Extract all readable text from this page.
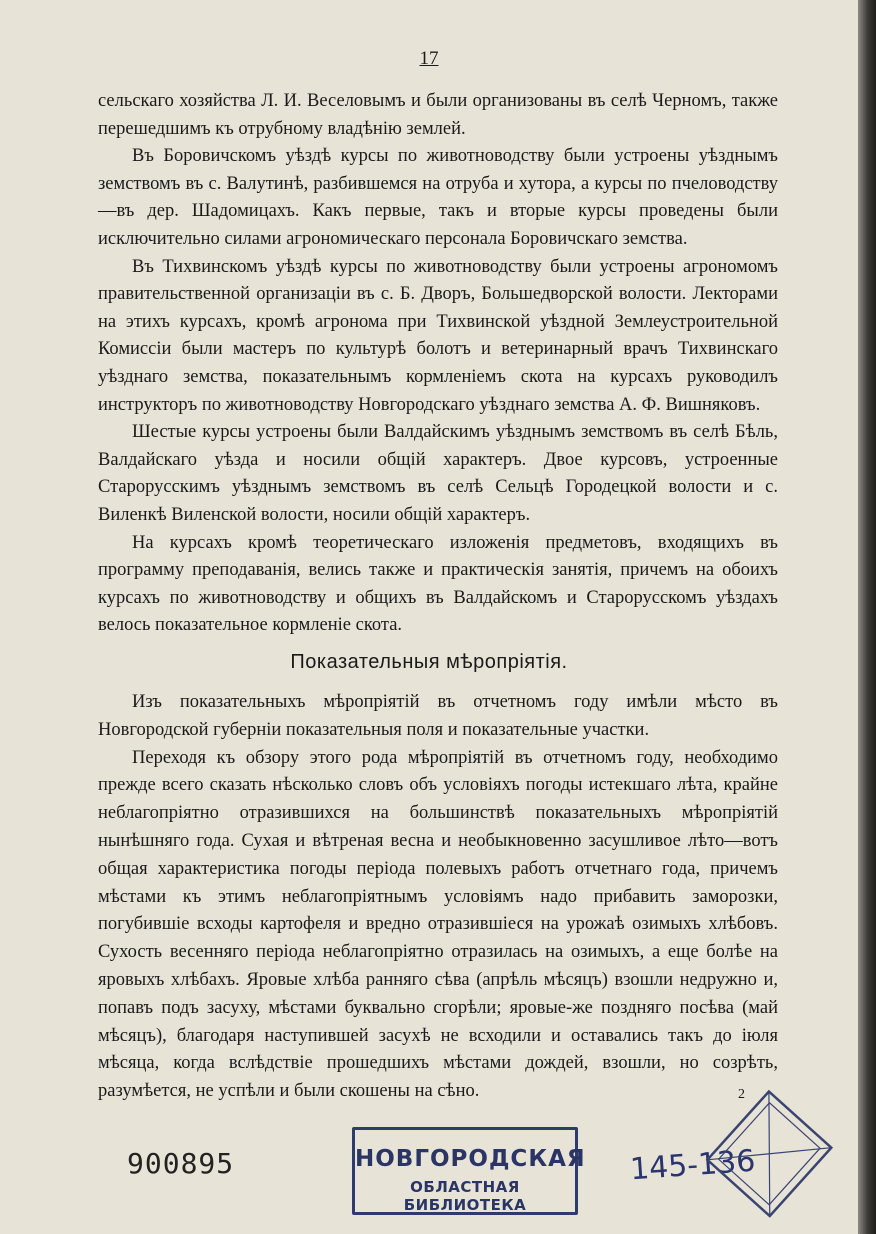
17

сельскаго хозяйства Л. И. Веселовымъ и были организованы въ селѣ Черномъ, также перешедшимъ къ отрубному владѣнію землей.

Въ Боровичскомъ уѣздѣ курсы по животноводству были устроены уѣзднымъ земствомъ въ с. Валутинѣ, разбившемся на отруба и хутора, а курсы по пчеловодству—въ дер. Шадомицахъ. Какъ первые, такъ и вторые курсы проведены были исключительно силами агрономическаго персонала Боровичскаго земства.

Въ Тихвинскомъ уѣздѣ курсы по животноводству были устроены агрономомъ правительственной организаціи въ с. Б. Дворъ, Большедворской волости. Лекторами на этихъ курсахъ, кромѣ агронома при Тихвинской уѣздной Землеустроительной Комиссіи были мастеръ по культурѣ болотъ и ветеринарный врачъ Тихвинскаго уѣзднаго земства, показательнымъ кормленіемъ скота на курсахъ руководилъ инструкторъ по животноводству Новгородскаго уѣзднаго земства А. Ф. Вишняковъ.

Шестые курсы устроены были Валдайскимъ уѣзднымъ земствомъ въ селѣ Бѣль, Валдайскаго уѣзда и носили общій характеръ. Двое курсовъ, устроенные Старорусскимъ уѣзднымъ земствомъ въ селѣ Сельцѣ Городецкой волости и с. Виленкѣ Виленской волости, носили общій характеръ.

На курсахъ кромѣ теоретическаго изложенія предметовъ, входящихъ въ программу преподаванія, велись также и практическія занятія, причемъ на обоихъ курсахъ по животноводству и общихъ въ Валдайскомъ и Старорусскомъ уѣздахъ велось показательное кормленіе скота.

Показательныя мѣропріятія.

Изъ показательныхъ мѣропріятій въ отчетномъ году имѣли мѣсто въ Новгородской губерніи показательныя поля и показательные участки.

Переходя къ обзору этого рода мѣропріятій въ отчетномъ году, необходимо прежде всего сказать нѣсколько словъ объ условіяхъ погоды истекшаго лѣта, крайне неблагопріятно отразившихся на большинствѣ показательныхъ мѣропріятій нынѣшняго года. Сухая и вѣтреная весна и необыкновенно засушливое лѣто—вотъ общая характеристика погоды періода полевыхъ работъ отчетнаго года, причемъ мѣстами къ этимъ неблагопріятнымъ условіямъ надо прибавить заморозки, погубившіе всходы картофеля и вредно отразившіеся на урожаѣ озимыхъ хлѣбовъ. Сухость весенняго періода неблагопріятно отразилась на озимыхъ, а еще болѣе на яровыхъ хлѣбахъ. Яровые хлѣба ранняго сѣва (апрѣль мѣсяцъ) взошли недружно и, попавъ подъ засуху, мѣстами буквально сгорѣли; яровые-же поздняго посѣва (май мѣсяцъ), благодаря наступившей засухѣ не всходили и оставались такъ до іюля мѣсяца, когда вслѣдствіе прошедшихъ мѣстами дождей, взошли, но созрѣть, разумѣется, не успѣли и были скошены на сѣно.

900895	НОВГОРОДСКАЯ
ОБЛАСТНАЯ БИБЛИОТЕКА
145-136
2
